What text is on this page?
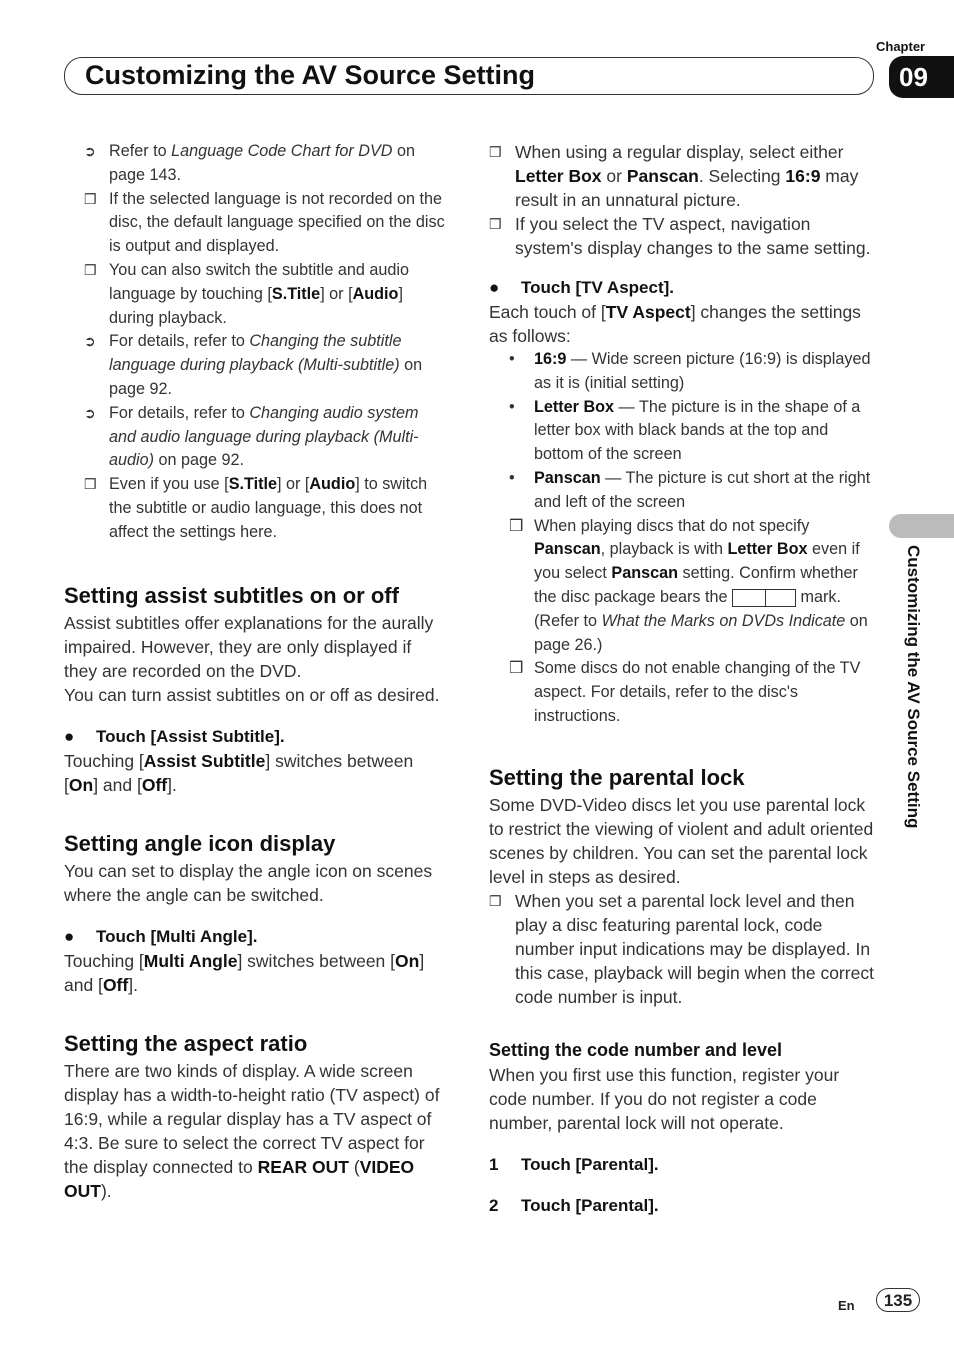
Chapter
09
Customizing the AV Source Setting
➲ Refer to Language Code Chart for DVD on page 143.
❒ If the selected language is not recorded on the disc, the default language specified on the disc is output and displayed.
❒ You can also switch the subtitle and audio language by touching [S.Title] or [Audio] during playback.
➲ For details, refer to Changing the subtitle language during playback (Multi-subtitle) on page 92.
➲ For details, refer to Changing audio system and audio language during playback (Multi-audio) on page 92.
❒ Even if you use [S.Title] or [Audio] to switch the subtitle or audio language, this does not affect the settings here.
Setting assist subtitles on or off

Assist subtitles offer explanations for the aurally impaired. However, they are only displayed if they are recorded on the DVD.

You can turn assist subtitles on or off as desired.

● Touch [Assist Subtitle].

Touching [Assist Subtitle] switches between [On] and [Off].

Setting angle icon display

You can set to display the angle icon on scenes where the angle can be switched.

● Touch [Multi Angle].

Touching [Multi Angle] switches between [On] and [Off].

Setting the aspect ratio

There are two kinds of display. A wide screen display has a width-to-height ratio (TV aspect) of 16:9, while a regular display has a TV aspect of 4:3. Be sure to select the correct TV aspect for the display connected to REAR OUT (VIDEO OUT).

❒ When using a regular display, select either Letter Box or Panscan. Selecting 16:9 may result in an unnatural picture.
❒ If you select the TV aspect, navigation system's display changes to the same setting.
● Touch [TV Aspect].

Each touch of [TV Aspect] changes the settings as follows:

• 16:9 — Wide screen picture (16:9) is displayed as it is (initial setting)
• Letter Box — The picture is in the shape of a letter box with black bands at the top and bottom of the screen
• Panscan — The picture is cut short at the right and left of the screen
❒ When playing discs that do not specify Panscan, playback is with Letter Box even if you select Panscan setting. Confirm whether the disc package bears the	mark. (Refer to What the Marks on DVDs Indicate on page 26.)
❒ Some discs do not enable changing of the TV aspect. For details, refer to the disc's instructions.
Setting the parental lock

Some DVD-Video discs let you use parental lock to restrict the viewing of violent and adult oriented scenes by children. You can set the parental lock level in steps as desired.

❒ When you set a parental lock level and then play a disc featuring parental lock, code number input indications may be displayed. In this case, playback will begin when the correct code number is input.
Setting the code number and level

When you first use this function, register your code number. If you do not register a code number, parental lock will not operate.

1 Touch [Parental].
2 Touch [Parental].
Customizing the AV Source Setting
En	135
